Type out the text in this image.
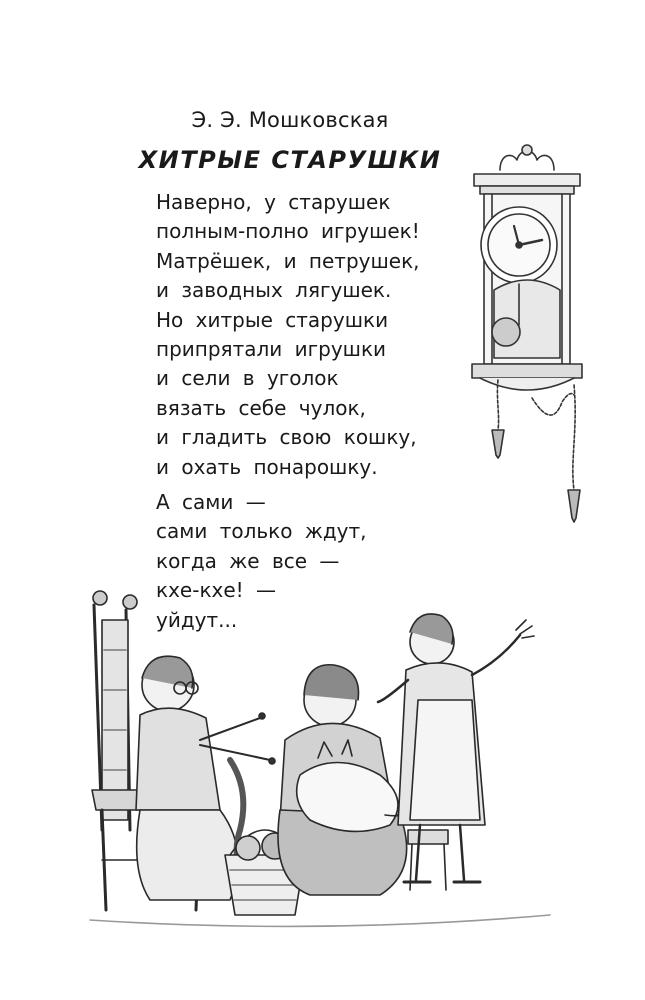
Э. Э. Мошковская
ХИТРЫЕ СТАРУШКИ
Наверно, у старушек
полным-полно игрушек!
Матрёшек, и петрушек,
и заводных лягушек.
Но хитрые старушки
припрятали игрушки
и сели в уголок
вязать себе чулок,
и гладить свою кошку,
и охать понарошку.
А сами —
сами только ждут,
когда же все —
кхе-кхе! —
уйдут...
